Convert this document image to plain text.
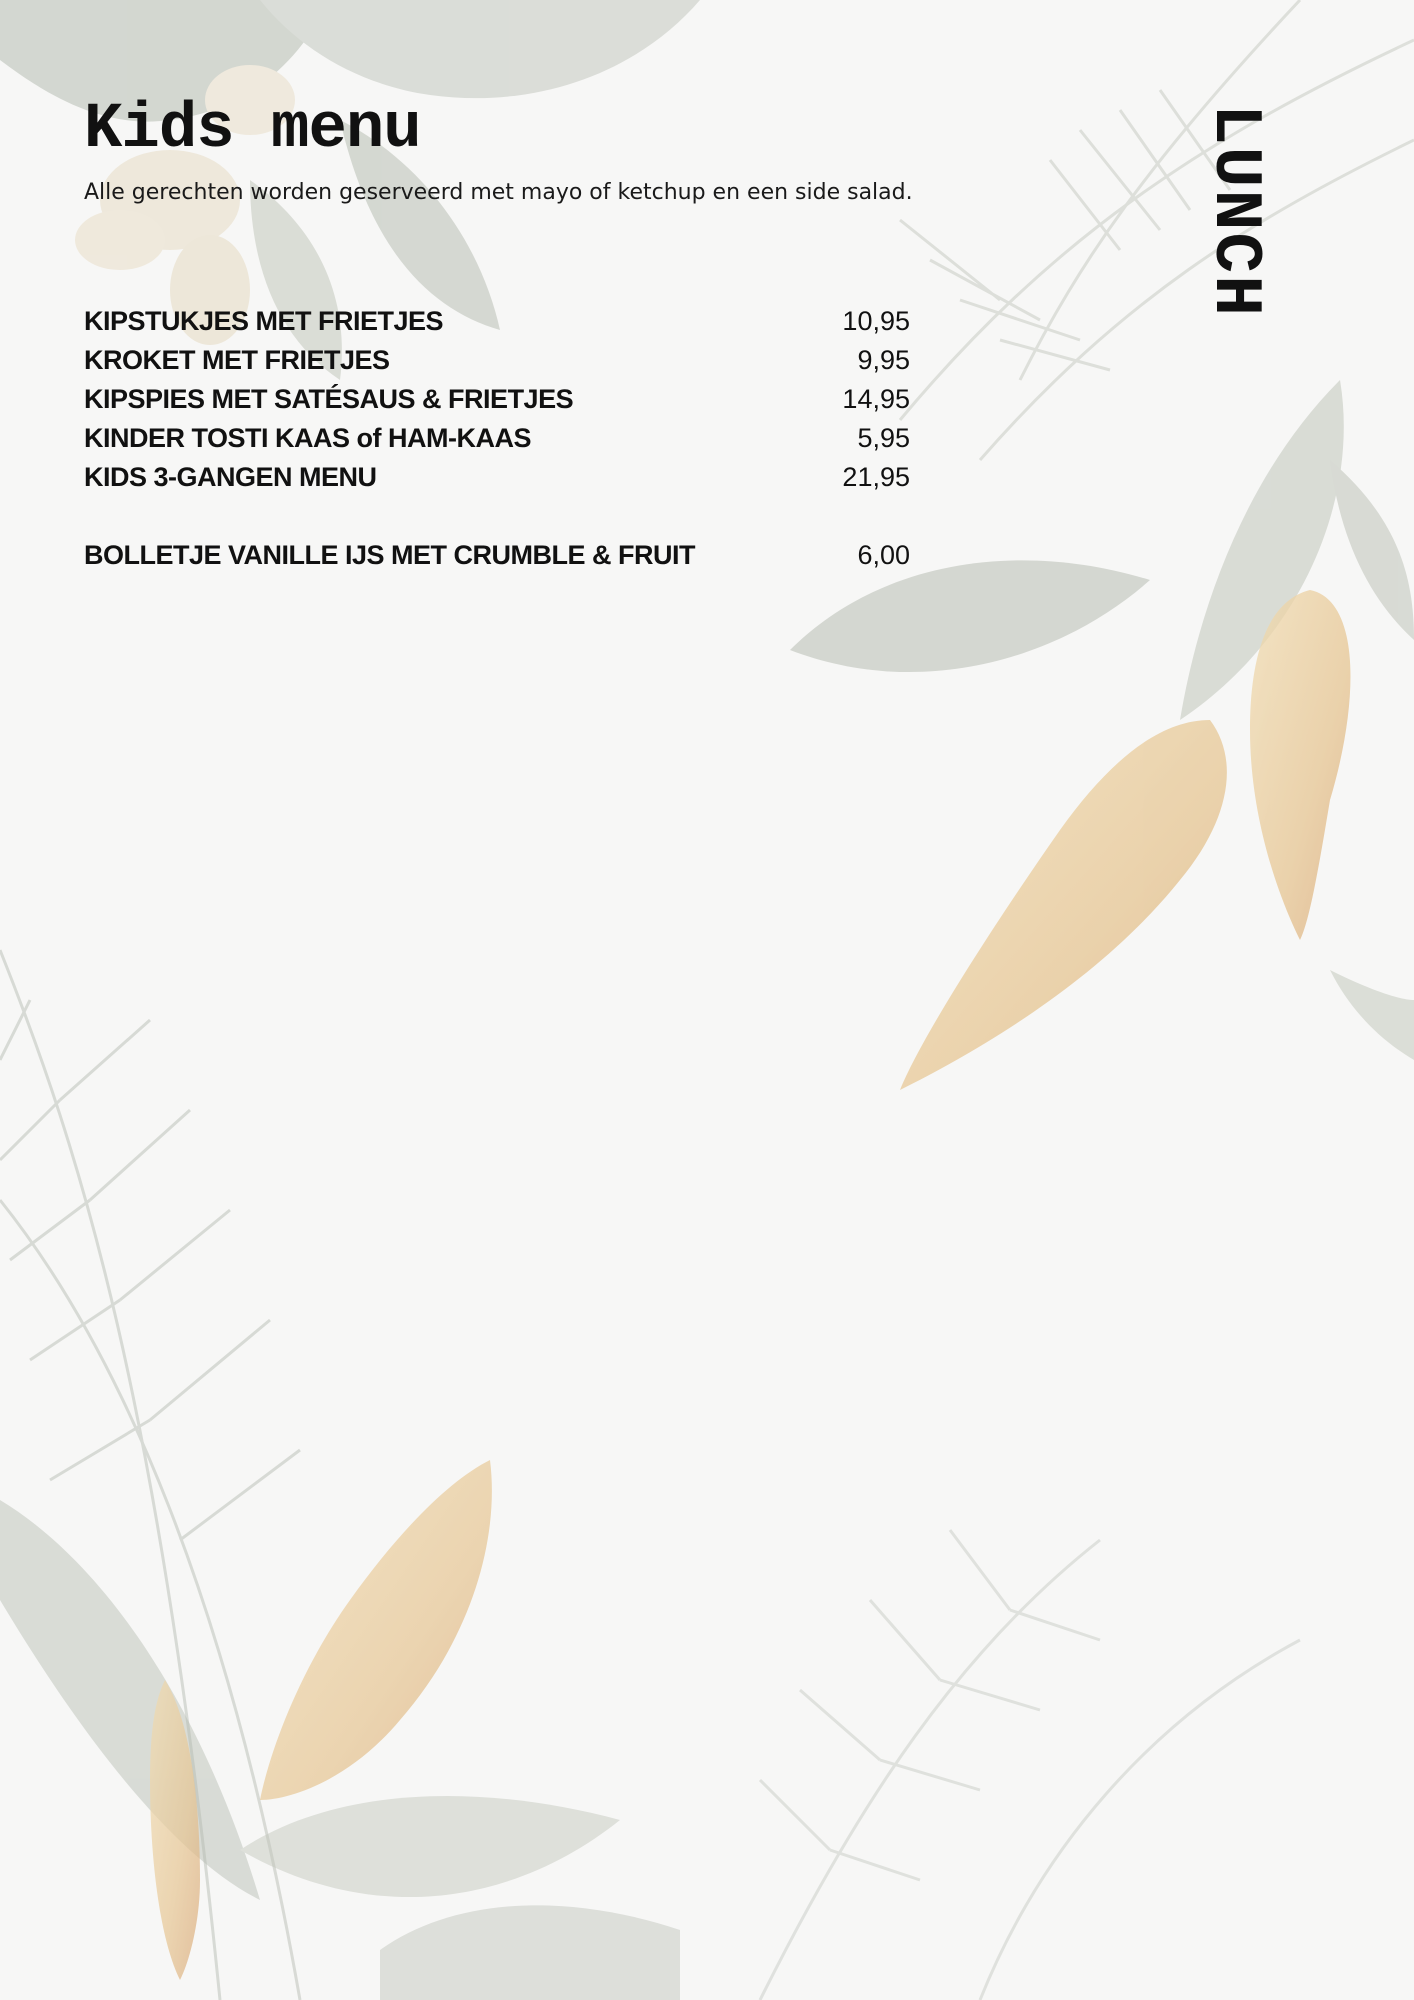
Kids menu

Alle gerechten worden geserveerd met mayo of ketchup en een side salad.	LUNCH
KIPSTUKJES MET FRIETJES	10,95
KROKET MET FRIETJES	9,95
KIPSPIES MET SATÉSAUS & FRIETJES	14,95
KINDER TOSTI KAAS of HAM-KAAS	5,95
KIDS 3-GANGEN MENU	21,95
BOLLETJE VANILLE IJS MET CRUMBLE & FRUIT	6,00
